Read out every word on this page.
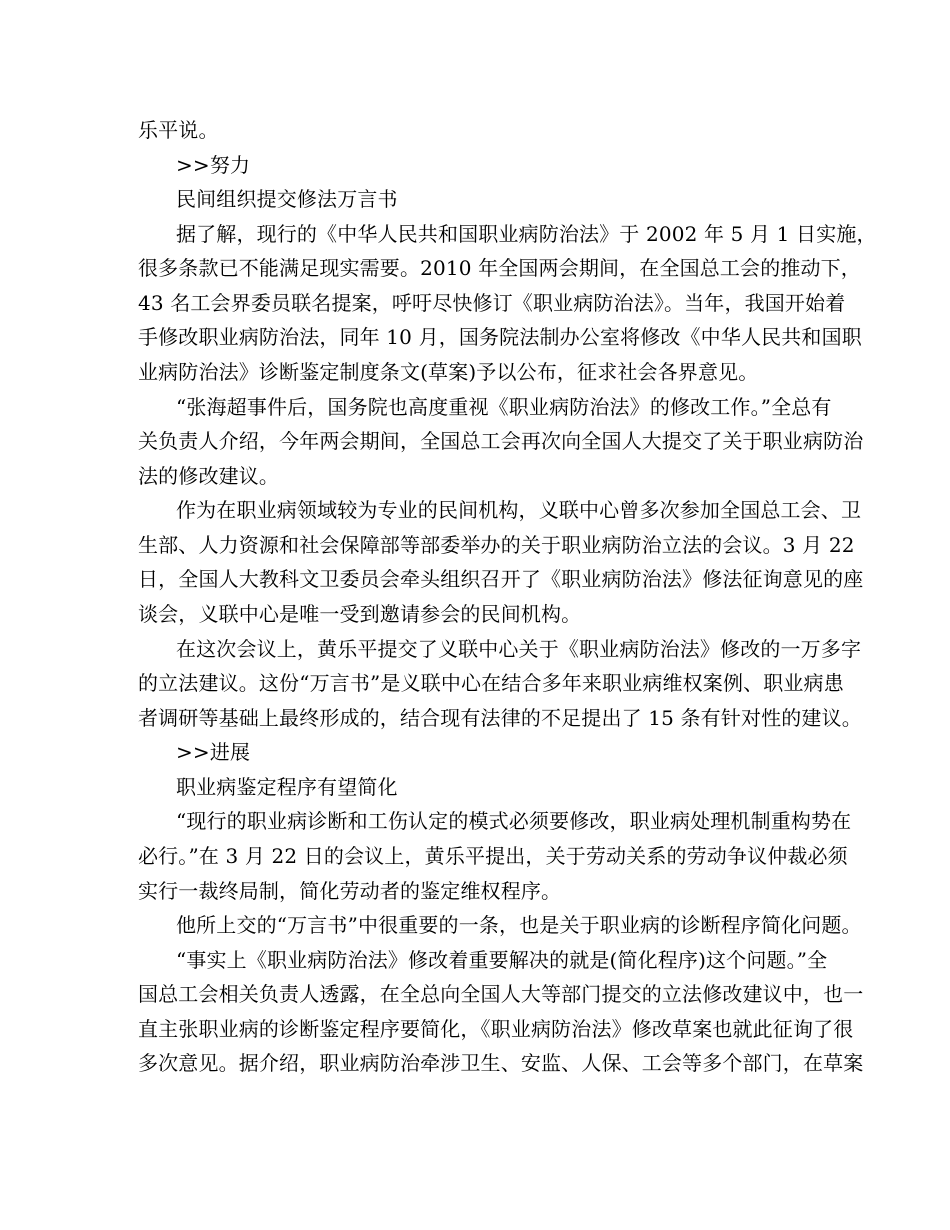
乐平说。
>>努力
民间组织提交修法万言书
据了解，现行的《中华人民共和国职业病防治法》于 2002 年 5 月 1 日实施，
很多条款已不能满足现实需要。2010 年全国两会期间，在全国总工会的推动下，
43 名工会界委员联名提案，呼吁尽快修订《职业病防治法》。当年，我国开始着
手修改职业病防治法，同年 10 月，国务院法制办公室将修改《中华人民共和国职
业病防治法》诊断鉴定制度条文(草案)予以公布，征求社会各界意见。
“张海超事件后，国务院也高度重视《职业病防治法》的修改工作。”全总有
关负责人介绍，今年两会期间，全国总工会再次向全国人大提交了关于职业病防治
法的修改建议。
作为在职业病领域较为专业的民间机构，义联中心曾多次参加全国总工会、卫
生部、人力资源和社会保障部等部委举办的关于职业病防治立法的会议。3 月 22
日，全国人大教科文卫委员会牵头组织召开了《职业病防治法》修法征询意见的座
谈会，义联中心是唯一受到邀请参会的民间机构。
在这次会议上，黄乐平提交了义联中心关于《职业病防治法》修改的一万多字
的立法建议。这份“万言书”是义联中心在结合多年来职业病维权案例、职业病患
者调研等基础上最终形成的，结合现有法律的不足提出了 15 条有针对性的建议。
>>进展
职业病鉴定程序有望简化
“现行的职业病诊断和工伤认定的模式必须要修改，职业病处理机制重构势在
必行。”在 3 月 22 日的会议上，黄乐平提出，关于劳动关系的劳动争议仲裁必须
实行一裁终局制，简化劳动者的鉴定维权程序。
他所上交的“万言书”中很重要的一条，也是关于职业病的诊断程序简化问题。
“事实上《职业病防治法》修改着重要解决的就是(简化程序)这个问题。”全
国总工会相关负责人透露，在全总向全国人大等部门提交的立法修改建议中，也一
直主张职业病的诊断鉴定程序要简化，《职业病防治法》修改草案也就此征询了很
多次意见。据介绍，职业病防治牵涉卫生、安监、人保、工会等多个部门，在草案
